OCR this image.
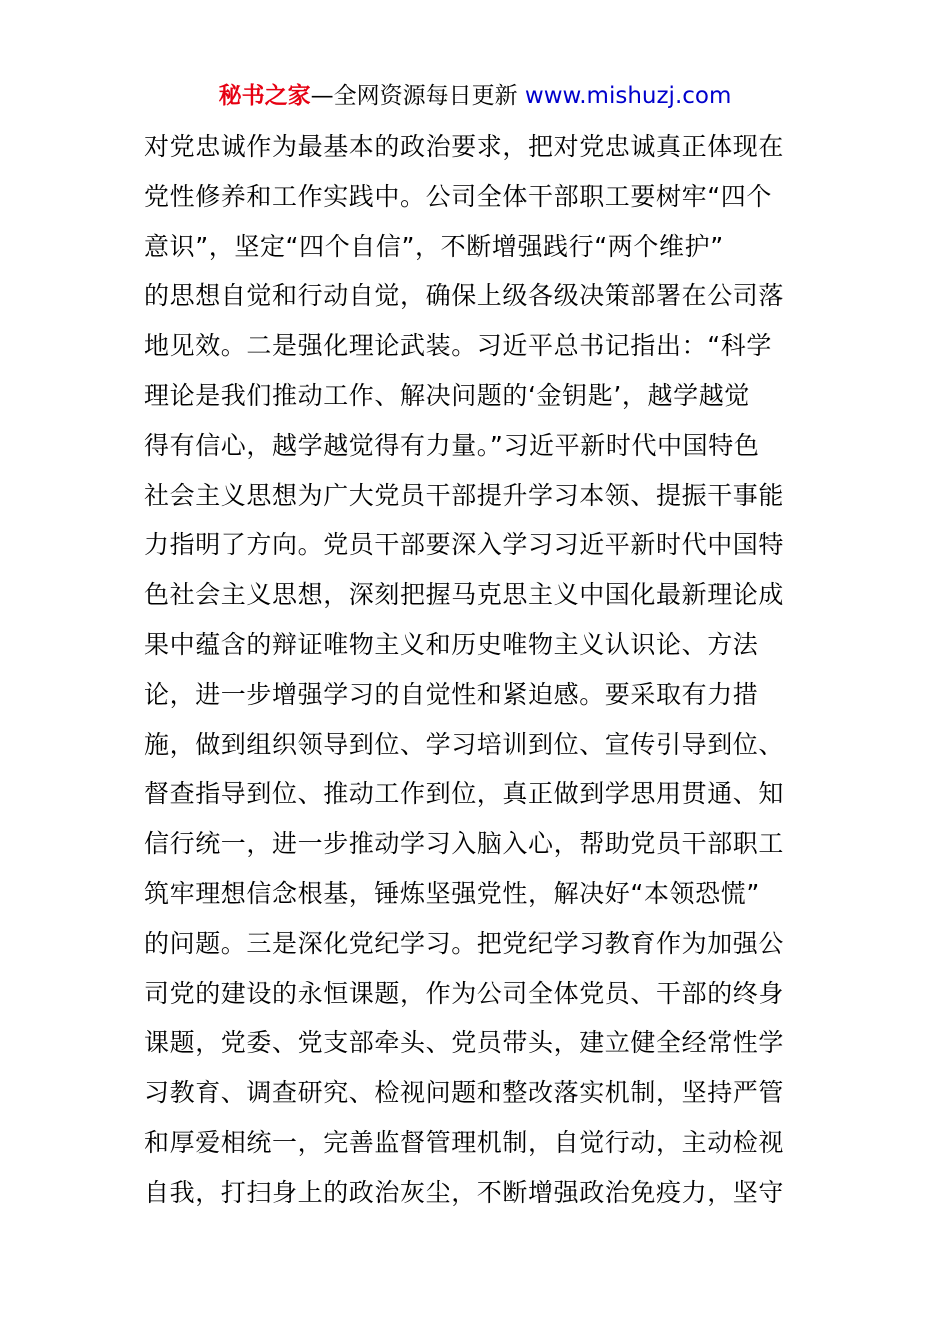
秘书之家—全网资源每日更新 www.mishuzj.com
对党忠诚作为最基本的政治要求，把对党忠诚真正体现在
党性修养和工作实践中。公司全体干部职工要树牢“四个
意识”，坚定“四个自信”，不断增强践行“两个维护”
的思想自觉和行动自觉，确保上级各级决策部署在公司落
地见效。二是强化理论武装。习近平总书记指出：“科学
理论是我们推动工作、解决问题的‘金钥匙’，越学越觉
得有信心，越学越觉得有力量。”习近平新时代中国特色
社会主义思想为广大党员干部提升学习本领、提振干事能
力指明了方向。党员干部要深入学习习近平新时代中国特
色社会主义思想，深刻把握马克思主义中国化最新理论成
果中蕴含的辩证唯物主义和历史唯物主义认识论、方法
论，进一步增强学习的自觉性和紧迫感。要采取有力措
施，做到组织领导到位、学习培训到位、宣传引导到位、
督查指导到位、推动工作到位，真正做到学思用贯通、知
信行统一，进一步推动学习入脑入心，帮助党员干部职工
筑牢理想信念根基，锤炼坚强党性，解决好“本领恐慌”
的问题。三是深化党纪学习。把党纪学习教育作为加强公
司党的建设的永恒课题，作为公司全体党员、干部的终身
课题，党委、党支部牵头、党员带头，建立健全经常性学
习教育、调查研究、检视问题和整改落实机制，坚持严管
和厚爱相统一，完善监督管理机制，自觉行动，主动检视
自我，打扫身上的政治灰尘，不断增强政治免疫力，坚守
